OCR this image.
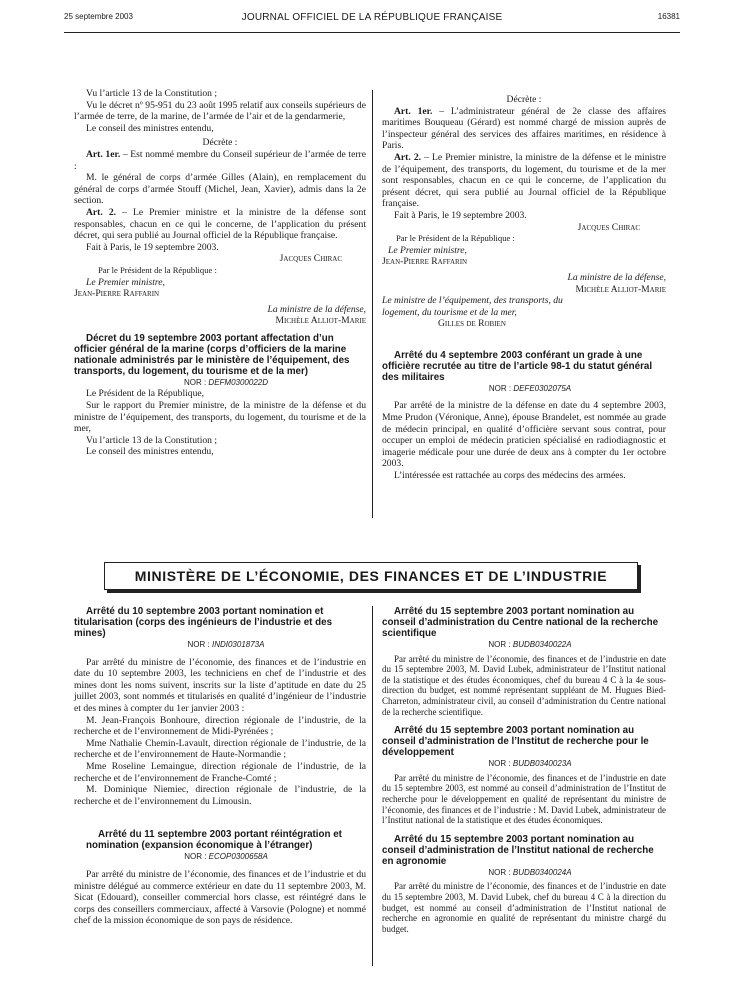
25 septembre 2003	JOURNAL OFFICIEL DE LA RÉPUBLIQUE FRANÇAISE	16381

Vu l’article 13 de la Constitution ;

Vu le décret nº 95-951 du 23 août 1995 relatif aux conseils supérieurs de l’armée de terre, de la marine, de l’armée de l’air et de la gendarmerie,

Le conseil des ministres entendu,

Décrète :

Art. 1er. – Est nommé membre du Conseil supérieur de l’armée de terre :

M. le général de corps d’armée Gilles (Alain), en remplacement du général de corps d’armée Stouff (Michel, Jean, Xavier), admis dans la 2e section.

Art. 2. – Le Premier ministre et la ministre de la défense sont responsables, chacun en ce qui le concerne, de l’application du présent décret, qui sera publié au Journal officiel de la République française.

Fait à Paris, le 19 septembre 2003.

Jacques Chirac

Par le Président de la République :

Le Premier ministre,

Jean-Pierre Raffarin

La ministre de la défense,

Michèle Alliot-Marie

Décret du 19 septembre 2003 portant affectation d’un officier général de la marine (corps d’officiers de la marine nationale administrés par le ministère de l’équipement, des transports, du logement, du tourisme et de la mer)

NOR : DEFM0300022D

Le Président de la République,

Sur le rapport du Premier ministre, de la ministre de la défense et du ministre de l’équipement, des transports, du logement, du tourisme et de la mer,

Vu l’article 13 de la Constitution ;

Le conseil des ministres entendu,

Décrète :

Art. 1er. – L’administrateur général de 2e classe des affaires maritimes Bouqueau (Gérard) est nommé chargé de mission auprès de l’inspecteur général des services des affaires maritimes, en résidence à Paris.

Art. 2. – Le Premier ministre, la ministre de la défense et le ministre de l’équipement, des transports, du logement, du tourisme et de la mer sont responsables, chacun en ce qui le concerne, de l’application du présent décret, qui sera publié au Journal officiel de la République française.

Fait à Paris, le 19 septembre 2003.

Jacques Chirac

Par le Président de la République :

Le Premier ministre,

Jean-Pierre Raffarin

La ministre de la défense,

Michèle Alliot-Marie

Le ministre de l’équipement, des transports, du logement, du tourisme et de la mer,

Gilles de Robien

Arrêté du 4 septembre 2003 conférant un grade à une officière recrutée au titre de l’article 98-1 du statut général des militaires

NOR : DEFE0302075A

Par arrêté de la ministre de la défense en date du 4 septembre 2003, Mme Prudon (Véronique, Anne), épouse Brandelet, est nommée au grade de médecin principal, en qualité d’officière servant sous contrat, pour occuper un emploi de médecin praticien spécialisé en radiodiagnostic et imagerie médicale pour une durée de deux ans à compter du 1er octobre 2003.

L’intéressée est rattachée au corps des médecins des armées.

MINISTÈRE DE L’ÉCONOMIE, DES FINANCES ET DE L’INDUSTRIE

Arrêté du 10 septembre 2003 portant nomination et titularisation (corps des ingénieurs de l’industrie et des mines)

NOR : INDI0301873A

Par arrêté du ministre de l’économie, des finances et de l’industrie en date du 10 septembre 2003, les techniciens en chef de l’industrie et des mines dont les noms suivent, inscrits sur la liste d’aptitude en date du 25 juillet 2003, sont nommés et titularisés en qualité d’ingénieur de l’industrie et des mines à compter du 1er janvier 2003 :

M. Jean-François Bonhoure, direction régionale de l’industrie, de la recherche et de l’environnement de Midi-Pyrénées ;

Mme Nathalie Chemin-Lavault, direction régionale de l’industrie, de la recherche et de l’environnement de Haute-Normandie ;

Mme Roseline Lemaingue, direction régionale de l’industrie, de la recherche et de l’environnement de Franche-Comté ;

M. Dominique Niemiec, direction régionale de l’industrie, de la recherche et de l’environnement du Limousin.

Arrêté du 11 septembre 2003 portant réintégration et nomination (expansion économique à l’étranger)

NOR : ECOP0300658A

Par arrêté du ministre de l’économie, des finances et de l’industrie et du ministre délégué au commerce extérieur en date du 11 septembre 2003, M. Sicat (Edouard), conseiller commercial hors classe, est réintégré dans le corps des conseillers commerciaux, affecté à Varsovie (Pologne) et nommé chef de la mission économique de son pays de résidence.

Arrêté du 15 septembre 2003 portant nomination au conseil d’administration du Centre national de la recherche scientifique

NOR : BUDB0340022A

Par arrêté du ministre de l’économie, des finances et de l’industrie en date du 15 septembre 2003, M. David Lubek, administrateur de l’Institut national de la statistique et des études économiques, chef du bureau 4 C à la 4e sous-direction du budget, est nommé représentant suppléant de M. Hugues Bied-Charreton, administrateur civil, au conseil d’administration du Centre national de la recherche scientifique.

Arrêté du 15 septembre 2003 portant nomination au conseil d’administration de l’Institut de recherche pour le développement

NOR : BUDB0340023A

Par arrêté du ministre de l’économie, des finances et de l’industrie en date du 15 septembre 2003, est nommé au conseil d’administration de l’Institut de recherche pour le développement en qualité de représentant du ministre de l’économie, des finances et de l’industrie : M. David Lubek, administrateur de l’Institut national de la statistique et des études économiques.

Arrêté du 15 septembre 2003 portant nomination au conseil d’administration de l’Institut national de recherche en agronomie

NOR : BUDB0340024A

Par arrêté du ministre de l’économie, des finances et de l’industrie en date du 15 septembre 2003, M. David Lubek, chef du bureau 4 C à la direction du budget, est nommé au conseil d’administration de l’Institut national de recherche en agronomie en qualité de représentant du ministre chargé du budget.
